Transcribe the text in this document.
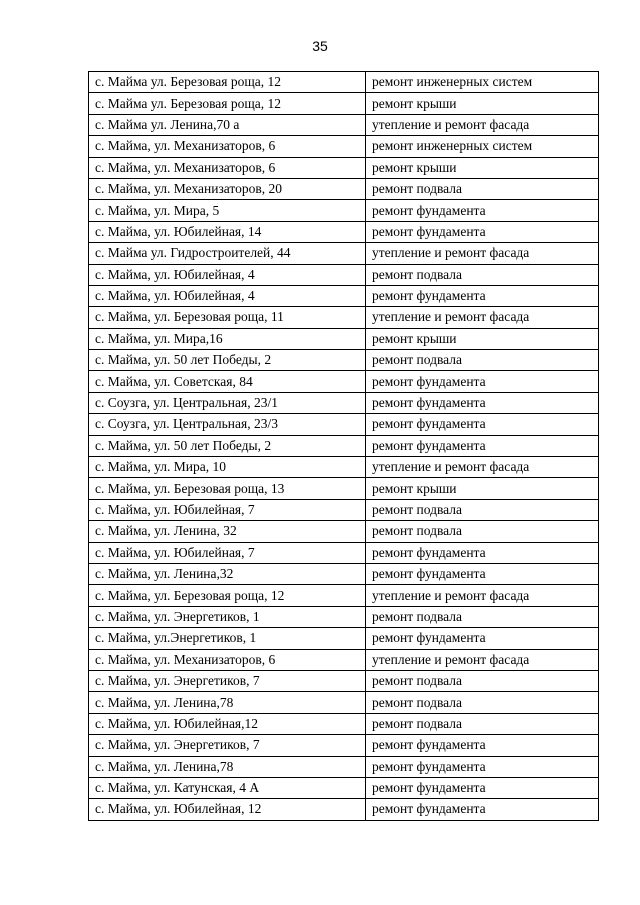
35
с. Майма ул. Березовая роща, 12	ремонт инженерных систем
с. Майма ул. Березовая роща, 12	ремонт крыши
с. Майма ул. Ленина,70 а	утепление и ремонт фасада
с. Майма, ул. Механизаторов, 6	ремонт инженерных систем
с. Майма, ул. Механизаторов, 6	ремонт крыши
с. Майма, ул. Механизаторов, 20	ремонт подвала
с. Майма, ул. Мира, 5	ремонт фундамента
с. Майма, ул. Юбилейная, 14	ремонт фундамента
с. Майма ул. Гидростроителей, 44	утепление и ремонт фасада
с. Майма, ул. Юбилейная, 4	ремонт подвала
с. Майма, ул. Юбилейная, 4	ремонт фундамента
с. Майма, ул. Березовая роща, 11	утепление и ремонт фасада
с. Майма, ул. Мира,16	ремонт крыши
с. Майма, ул. 50 лет Победы, 2	ремонт подвала
с. Майма, ул. Советская, 84	ремонт фундамента
с. Соузга, ул. Центральная, 23/1	ремонт фундамента
с. Соузга, ул. Центральная, 23/3	ремонт фундамента
с. Майма, ул. 50 лет Победы, 2	ремонт фундамента
с. Майма, ул. Мира, 10	утепление и ремонт фасада
с. Майма, ул. Березовая роща, 13	ремонт крыши
с. Майма, ул. Юбилейная, 7	ремонт подвала
с. Майма, ул. Ленина, 32	ремонт подвала
с. Майма, ул. Юбилейная, 7	ремонт фундамента
с. Майма, ул. Ленина,32	ремонт фундамента
с. Майма, ул. Березовая роща, 12	утепление и ремонт фасада
с. Майма, ул. Энергетиков, 1	ремонт подвала
с. Майма, ул.Энергетиков, 1	ремонт фундамента
с. Майма, ул. Механизаторов, 6	утепление и ремонт фасада
с. Майма, ул. Энергетиков, 7	ремонт подвала
с. Майма, ул. Ленина,78	ремонт подвала
с. Майма, ул. Юбилейная,12	ремонт подвала
с. Майма, ул. Энергетиков, 7	ремонт фундамента
с. Майма, ул. Ленина,78	ремонт фундамента
с. Майма, ул. Катунская, 4 А	ремонт фундамента
с. Майма, ул. Юбилейная, 12	ремонт фундамента
